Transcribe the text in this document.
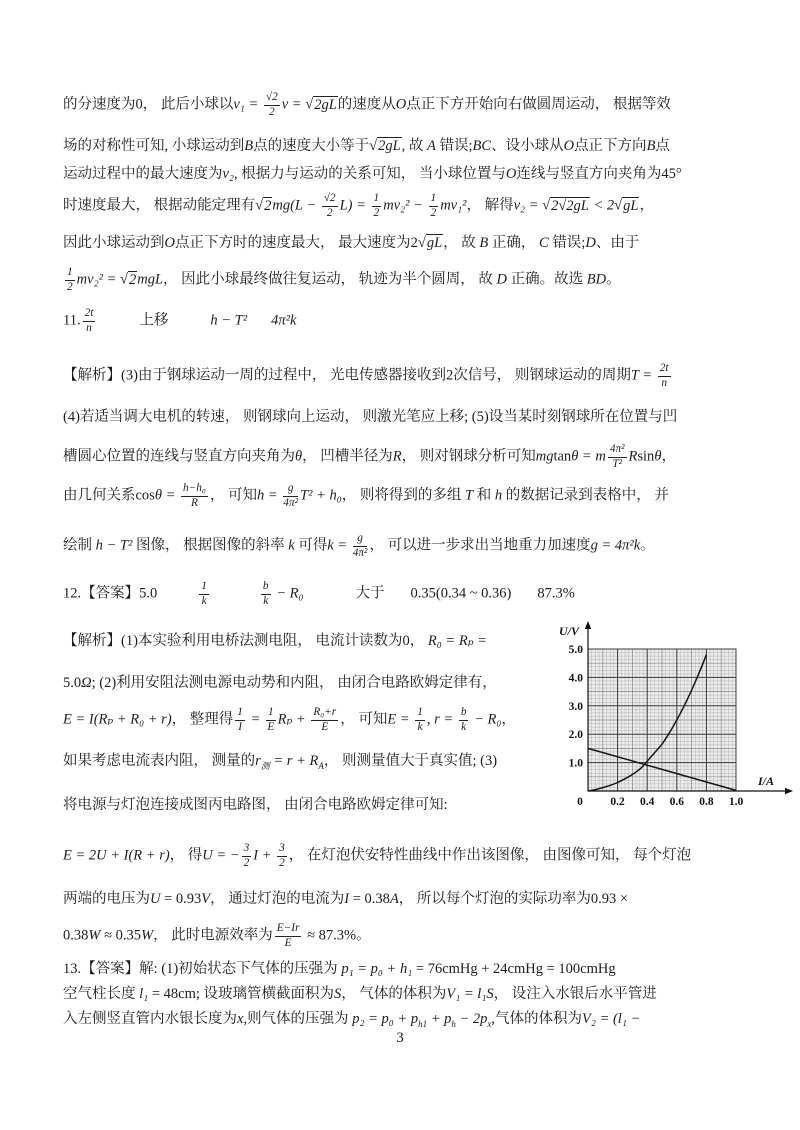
的分速度为0， 此后小球以$v_1 = \frac{√2}{2}$ v = √2gL的速度从O点正下方开始向右做圆周运动， 根据等效
场的对称性可知, 小球运动到B点的速度大小等于√2gL, 故 A 错误;BC、设小球从O点正下方向B点
运动过程中的最大速度为v₂, 根据力与运动的关系可知， 当小球位置与O连线与竖直方向夹角为45°
时速度最大， 根据动能定理有$√2mg(L - \frac{√2}{2} L) = \frac{1}{2} mv_2^2 - \frac{1}{2} mv_1^2$， 解得v₂ = √2√2gL < 2√gL，
因此小球运动到O点正下方时的速度最大， 最大速度为2√gL， 故 B 正确， C 错误;D、由于
$\frac{1}{2} mv_2^2 = √2mgL$， 因此小球最终做往复运动， 轨迹为半个圆周， 故 D 正确。故选 BD。
11. $\frac{2t}{n}$	上移	h − T² 4π²k
【解析】(3)由于钢球运动一周的过程中， 光电传感器接收到2次信号， 则钢球运动的周期$T = \frac{2t}{n}$
(4)若适当调大电机的转速， 则钢球向上运动， 则激光笔应上移; (5)设当某时刻钢球所在位置与凹
槽圆心位置的连线与竖直方向夹角为θ， 凹槽半径为R， 则对钢球分析可知mgtanθ = m $\frac{\text{4π²}}{\text{T²}}$ Rsinθ，
由几何关系$\cos\theta = \frac{\text{h−h₀}}{R}$ ， 可知$h = \frac{g}{\text{4π²}} T^2 + h_0$， 则将得到的多组 T 和 h 的数据记录到表格中， 并
绘制 h − T² 图像， 根据图像的斜率 k 可得$k = \frac{g}{\text{4π²}}$ ， 可以进一步求出当地重力加速度g = 4π²k。
12.【答案】5.0	$\frac{1}{k}$	$\frac{b}{k} - R_0$	大于 0.35(0.34 ~ 0.36) 87.3%
【解析】(1)本实验利用电桥法测电阻， 电流计读数为0， R₀ = Rₚ =
5.0Ω; (2)利用安阻法测电源电动势和内阻， 由闭合电路欧姆定律有，
E = I(Rₚ + R₀ + r)， 整理得 $\frac{1}{I} = \frac{1}{E}$ $R_p + \frac{\text{R₀+r}}{E}$ ， 可知$E = \frac{1}{k}$ , $r = \frac{b}{k} - R_0$，
如果考虑电流表内阻， 测量的$r_测 = r + R_A$， 则测量值大于真实值; (3)
将电源与灯泡连接成图丙电路图， 由闭合电路欧姆定律可知:
E = 2U + I(R + r)， 得U = − $\frac{3}{2}$ $I + \frac{3}{2}$ ， 在灯泡伏安特性曲线中作出该图像， 由图像可知， 每个灯泡
两端的电压为U = 0.93V， 通过灯泡的电流为I = 0.38A， 所以每个灯泡的实际功率为0.93 ×
0.38W ≈ 0.35W， 此时电源效率为 $\frac{E-Ir}{E} \approx 87.3\%$。
13.【答案】解: (1)初始状态下气体的压强为 p₁ = p₀ + h₁ = 76cmHg + 24cmHg = 100cmHg
空气柱长度 l₁ = 48cm; 设玻璃管横截面积为S， 气体的体积为V₁ = l₁S， 设注入水银后水平管进
入左侧竖直管内水银长度为x,则气体的压强为 $p_2 = p_0 + p_{h1} + p_h - 2p_x$,气体的体积为V₂ = (l₁ −
U/V
I/A
1.0
2.0
3.0
4.0
5.0
0 0.2 0.4 0.6 0.8 1.0
3
